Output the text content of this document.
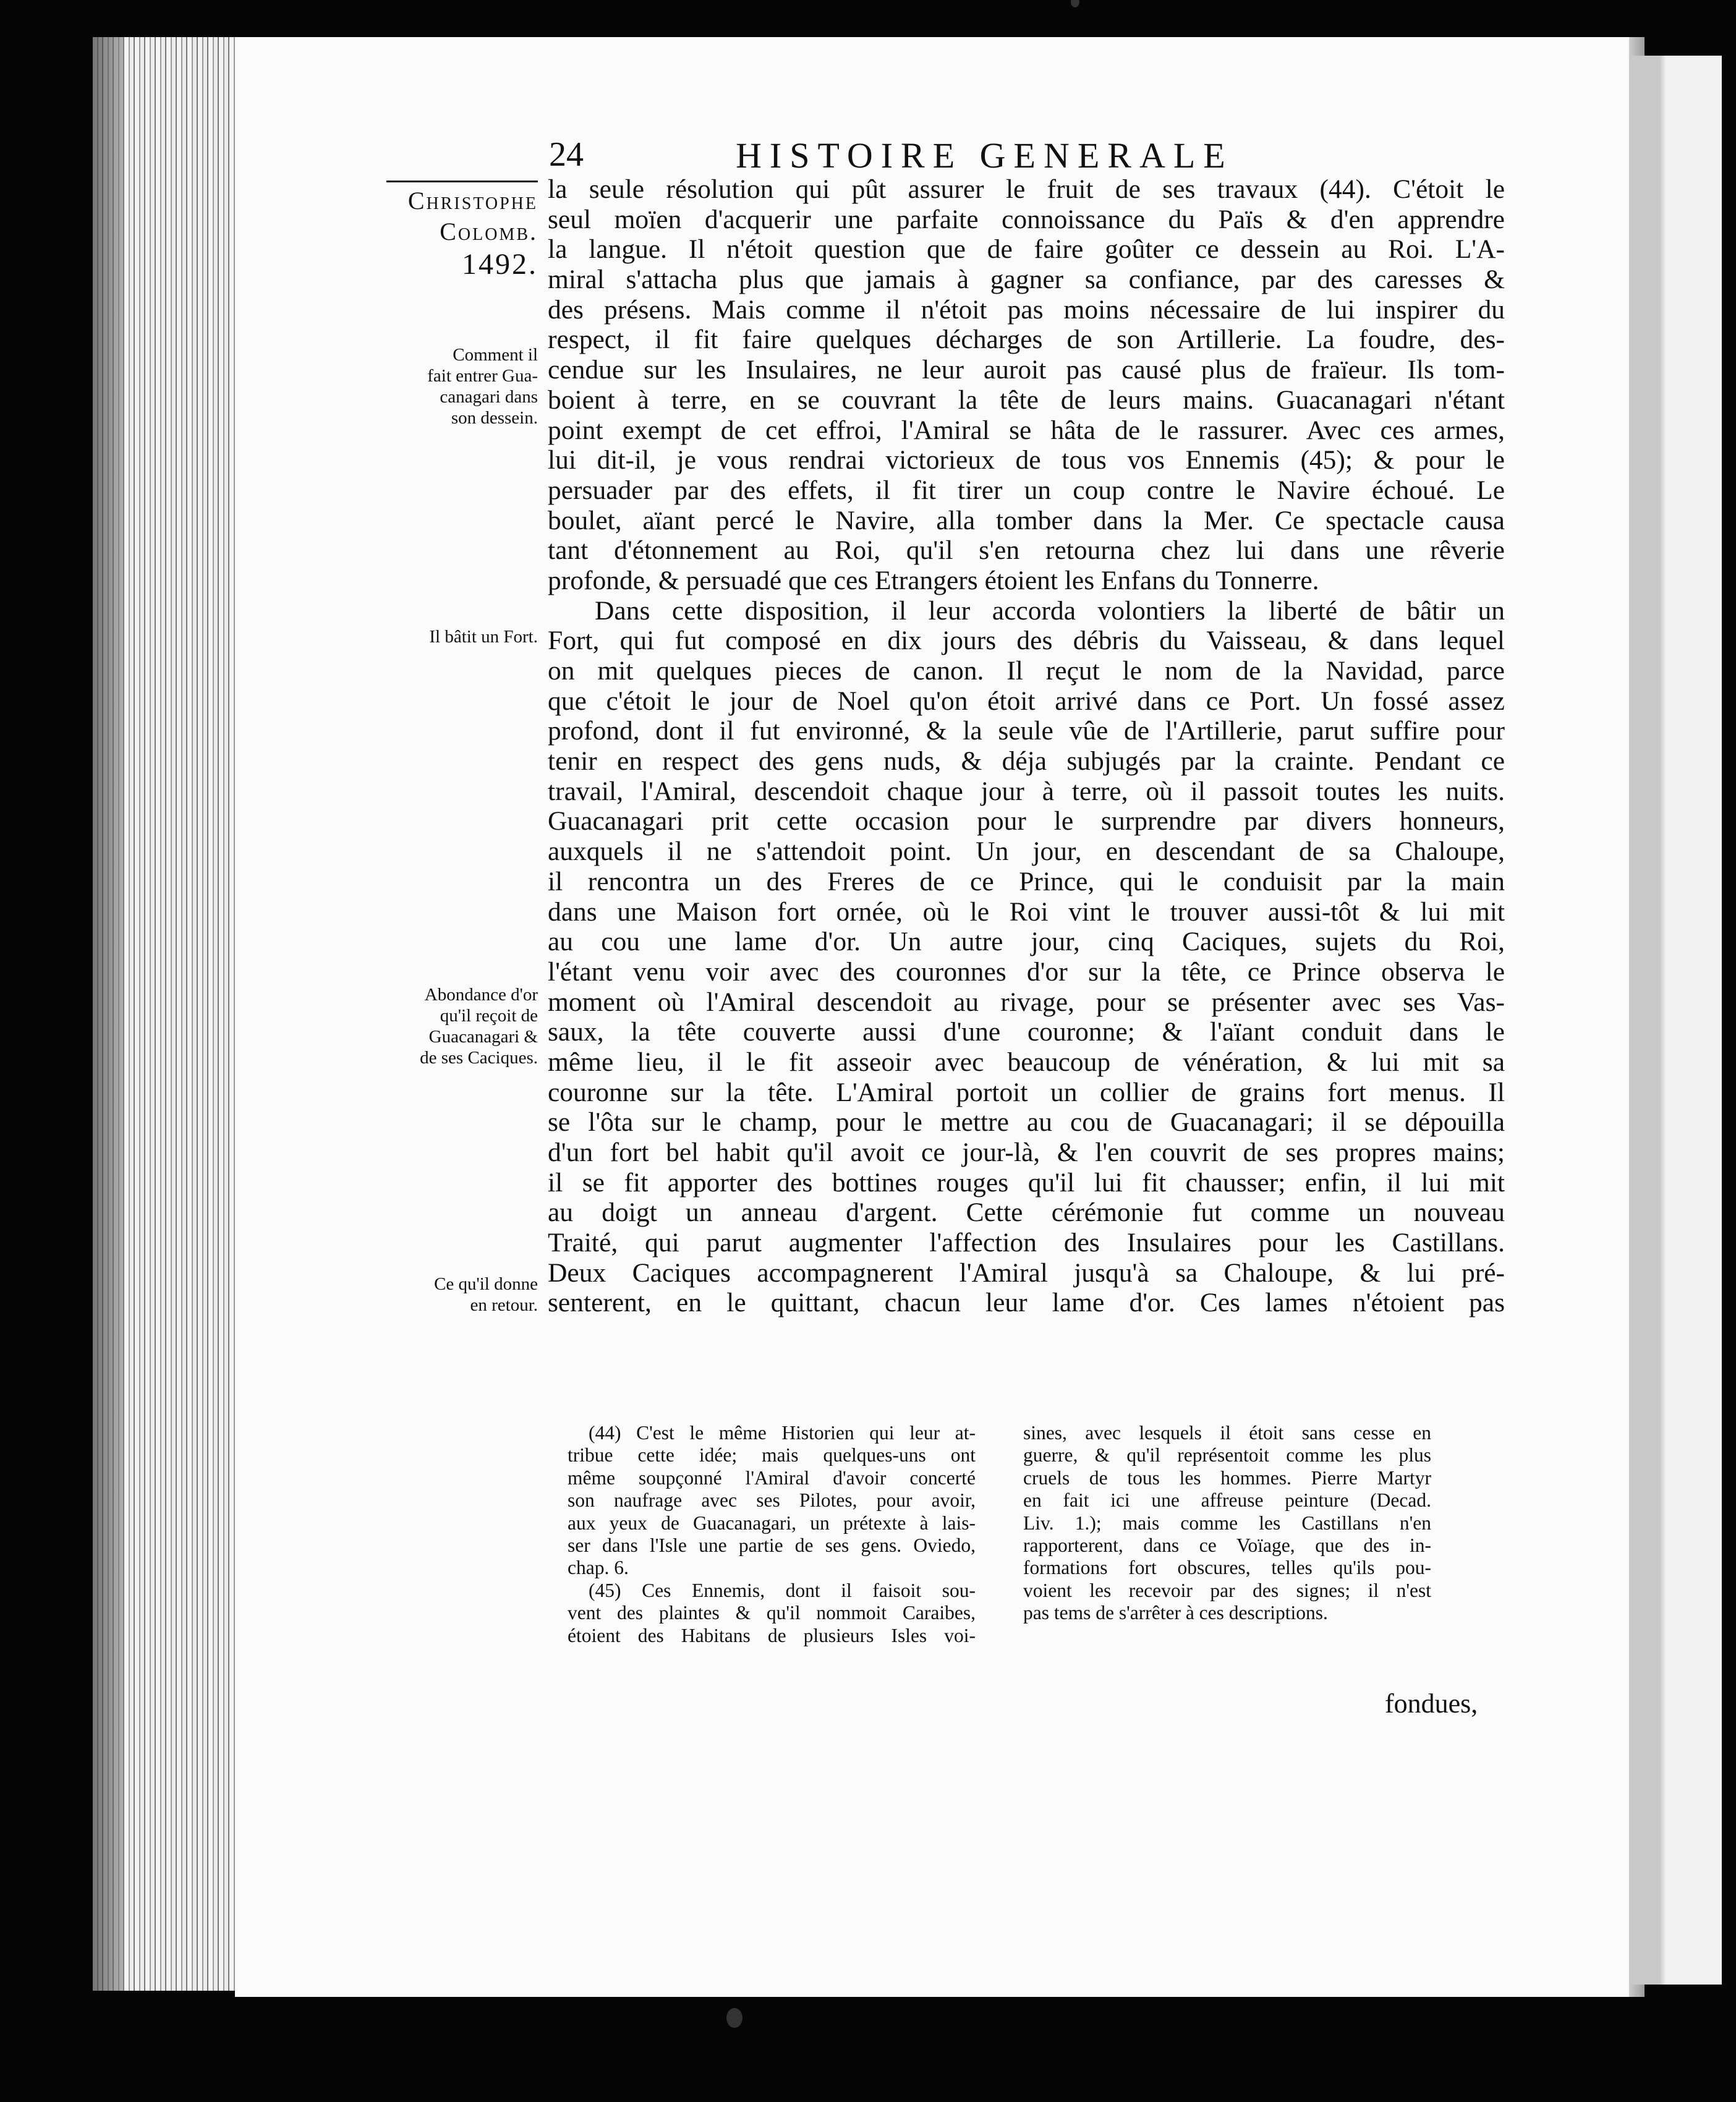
24	HISTOIRE GENERALE
Christophe
Colomb.
1492.
Comment il
fait entrer Gua-
canagari dans
son dessein.
Il bâtit un Fort.
Abondance d'or
qu'il reçoit de
Guacanagari &
de ses Caciques.
Ce qu'il donne
en retour.
la seule résolution qui pût assurer le fruit de ses travaux (44). C'étoit le
seul moïen d'acquerir une parfaite connoissance du Païs & d'en apprendre
la langue. Il n'étoit question que de faire goûter ce dessein au Roi. L'A-
miral s'attacha plus que jamais à gagner sa confiance, par des caresses &
des présens. Mais comme il n'étoit pas moins nécessaire de lui inspirer du
respect, il fit faire quelques décharges de son Artillerie. La foudre, des-
cendue sur les Insulaires, ne leur auroit pas causé plus de fraïeur. Ils tom-
boient à terre, en se couvrant la tête de leurs mains. Guacanagari n'étant
point exempt de cet effroi, l'Amiral se hâta de le rassurer. Avec ces armes,
lui dit-il, je vous rendrai victorieux de tous vos Ennemis (45); & pour le
persuader par des effets, il fit tirer un coup contre le Navire échoué. Le
boulet, aïant percé le Navire, alla tomber dans la Mer. Ce spectacle causa
tant d'étonnement au Roi, qu'il s'en retourna chez lui dans une rêverie
profonde, & persuadé que ces Etrangers étoient les Enfans du Tonnerre.
Dans cette disposition, il leur accorda volontiers la liberté de bâtir un
Fort, qui fut composé en dix jours des débris du Vaisseau, & dans lequel
on mit quelques pieces de canon. Il reçut le nom de la Navidad, parce
que c'étoit le jour de Noel qu'on étoit arrivé dans ce Port. Un fossé assez
profond, dont il fut environné, & la seule vûe de l'Artillerie, parut suffire pour
tenir en respect des gens nuds, & déja subjugés par la crainte. Pendant ce
travail, l'Amiral, descendoit chaque jour à terre, où il passoit toutes les nuits.
Guacanagari prit cette occasion pour le surprendre par divers honneurs,
auxquels il ne s'attendoit point. Un jour, en descendant de sa Chaloupe,
il rencontra un des Freres de ce Prince, qui le conduisit par la main
dans une Maison fort ornée, où le Roi vint le trouver aussi-tôt & lui mit
au cou une lame d'or. Un autre jour, cinq Caciques, sujets du Roi,
l'étant venu voir avec des couronnes d'or sur la tête, ce Prince observa le
moment où l'Amiral descendoit au rivage, pour se présenter avec ses Vas-
saux, la tête couverte aussi d'une couronne; & l'aïant conduit dans le
même lieu, il le fit asseoir avec beaucoup de vénération, & lui mit sa
couronne sur la tête. L'Amiral portoit un collier de grains fort menus. Il
se l'ôta sur le champ, pour le mettre au cou de Guacanagari; il se dépouilla
d'un fort bel habit qu'il avoit ce jour-là, & l'en couvrit de ses propres mains;
il se fit apporter des bottines rouges qu'il lui fit chausser; enfin, il lui mit
au doigt un anneau d'argent. Cette cérémonie fut comme un nouveau
Traité, qui parut augmenter l'affection des Insulaires pour les Castillans.
Deux Caciques accompagnerent l'Amiral jusqu'à sa Chaloupe, & lui pré-
senterent, en le quittant, chacun leur lame d'or. Ces lames n'étoient pas
(44) C'est le même Historien qui leur at-
tribue cette idée; mais quelques-uns ont
même soupçonné l'Amiral d'avoir concerté
son naufrage avec ses Pilotes, pour avoir,
aux yeux de Guacanagari, un prétexte à lais-
ser dans l'Isle une partie de ses gens. Oviedo,
chap. 6.
(45) Ces Ennemis, dont il faisoit sou-
vent des plaintes & qu'il nommoit Caraibes,
étoient des Habitans de plusieurs Isles voi-
sines, avec lesquels il étoit sans cesse en
guerre, & qu'il représentoit comme les plus
cruels de tous les hommes. Pierre Martyr
en fait ici une affreuse peinture (Decad.
Liv. 1.); mais comme les Castillans n'en
rapporterent, dans ce Voïage, que des in-
formations fort obscures, telles qu'ils pou-
voient les recevoir par des signes; il n'est
pas tems de s'arrêter à ces descriptions.
fondues,
